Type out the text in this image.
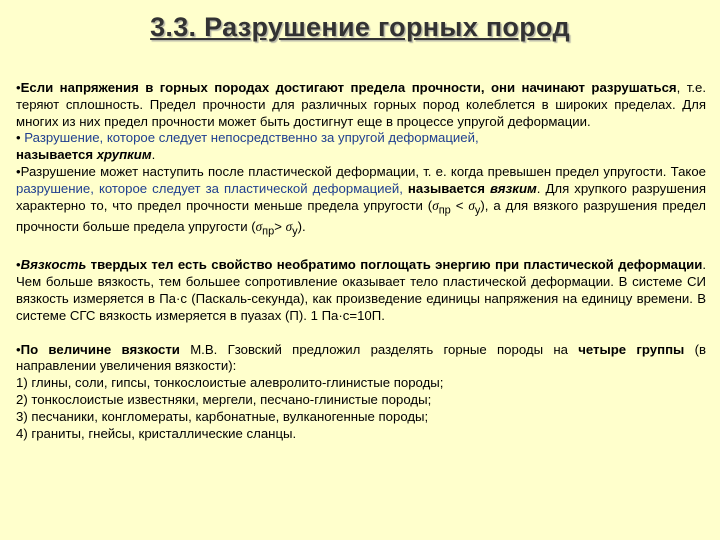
3.3. Разрушение горных пород

•Если напряжения в горных породах достигают предела прочности, они начинают разрушаться, т.е. теряют сплошность. Предел прочности для различных горных пород колеблется в широких пределах. Для многих из них предел прочности может быть достигнут еще в процессе упругой деформации.

• Разрушение, которое следует непосредственно за упругой деформацией,
называется хрупким.

•Разрушение может наступить после пластической деформации, т. е. когда превышен предел упругости. Такое разрушение, которое следует за пластической деформацией, называется вязким. Для хрупкого разрушения характерно то, что предел прочности меньше предела упругости $(\sigma_{пр} < \sigma_у)$, а для вязкого разрушения предел прочности больше предела упругости $(\sigma_{пр}> \sigma_у)$.

•Вязкость твердых тел есть свойство необратимо поглощать энергию при пластической деформации. Чем больше вязкость, тем большее сопротивление оказывает тело пластической деформации. В системе СИ вязкость измеряется в Па·с (Паскаль-секунда), как произведение единицы напряжения на единицу времени. В системе СГС вязкость измеряется в пуазах (П). 1 Па·с=10П.

•По величине вязкости М.В. Гзовский предложил разделять горные породы на четыре группы (в направлении увеличения вязкости):

1) глины, соли, гипсы, тонкослоистые алевролито-глинистые породы;
2) тонкослоистые известняки, мергели, песчано-глинистые породы;
3) песчаники, конгломераты, карбонатные, вулканогенные породы;
4) граниты, гнейсы, кристаллические сланцы.
